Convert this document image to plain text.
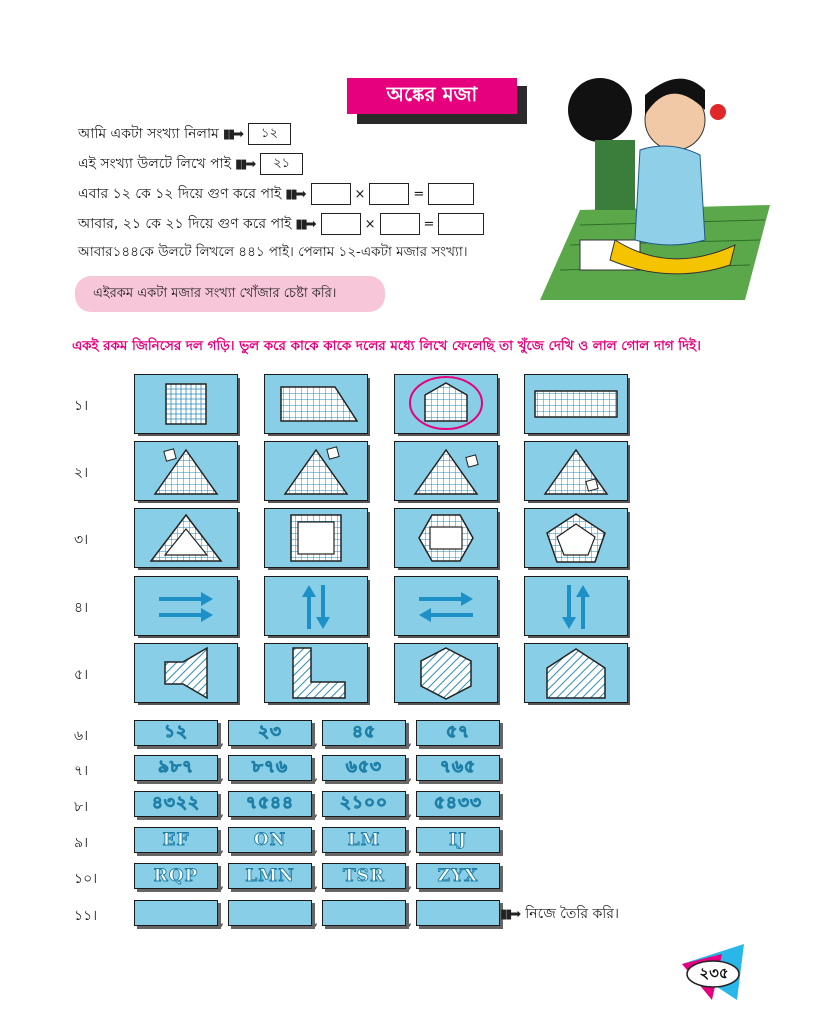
অঙ্কের মজা
আমি একটা সংখ্যা নিলাম ▮▮➡	১২
এই সংখ্যা উলটে লিখে পাই ▮▮➡	২১
এবার ১২ কে ১২ দিয়ে গুণ করে পাই ▮▮➡	×	=
আবার, ২১ কে ২১ দিয়ে গুণ করে পাই ▮▮➡	×	=
আবার১৪৪কে উলটে লিখলে ৪৪১ পাই। পেলাম ১২-একটা মজার সংখ্যা।
এইরকম একটা মজার সংখ্যা খোঁজার চেষ্টা করি।
একই রকম জিনিসের দল গড়ি। ভুল করে কাকে কাকে দলের মধ্যে লিখে ফেলেছি তা খুঁজে দেখি ও লাল গোল দাগ দিই।
১।
২।
৩।
৪।
৫।
৬।	১২	,	২৩	,	৪৫	,	৫৭
৭।	৯৮৭	,	৮৭৬	,	৬৫৩	,	৭৬৫
৮।	৪৩২২	,	৭৫৪৪	,	২১০০	,	৫৪৩৩
৯।	EF	,	ON	,	LM	,	IJ
১০।	RQP	,	LMN	,	TSR	,	ZYX
১১।	,	,	,	▮▮➡ নিজে তৈরি করি।
২৩৫
